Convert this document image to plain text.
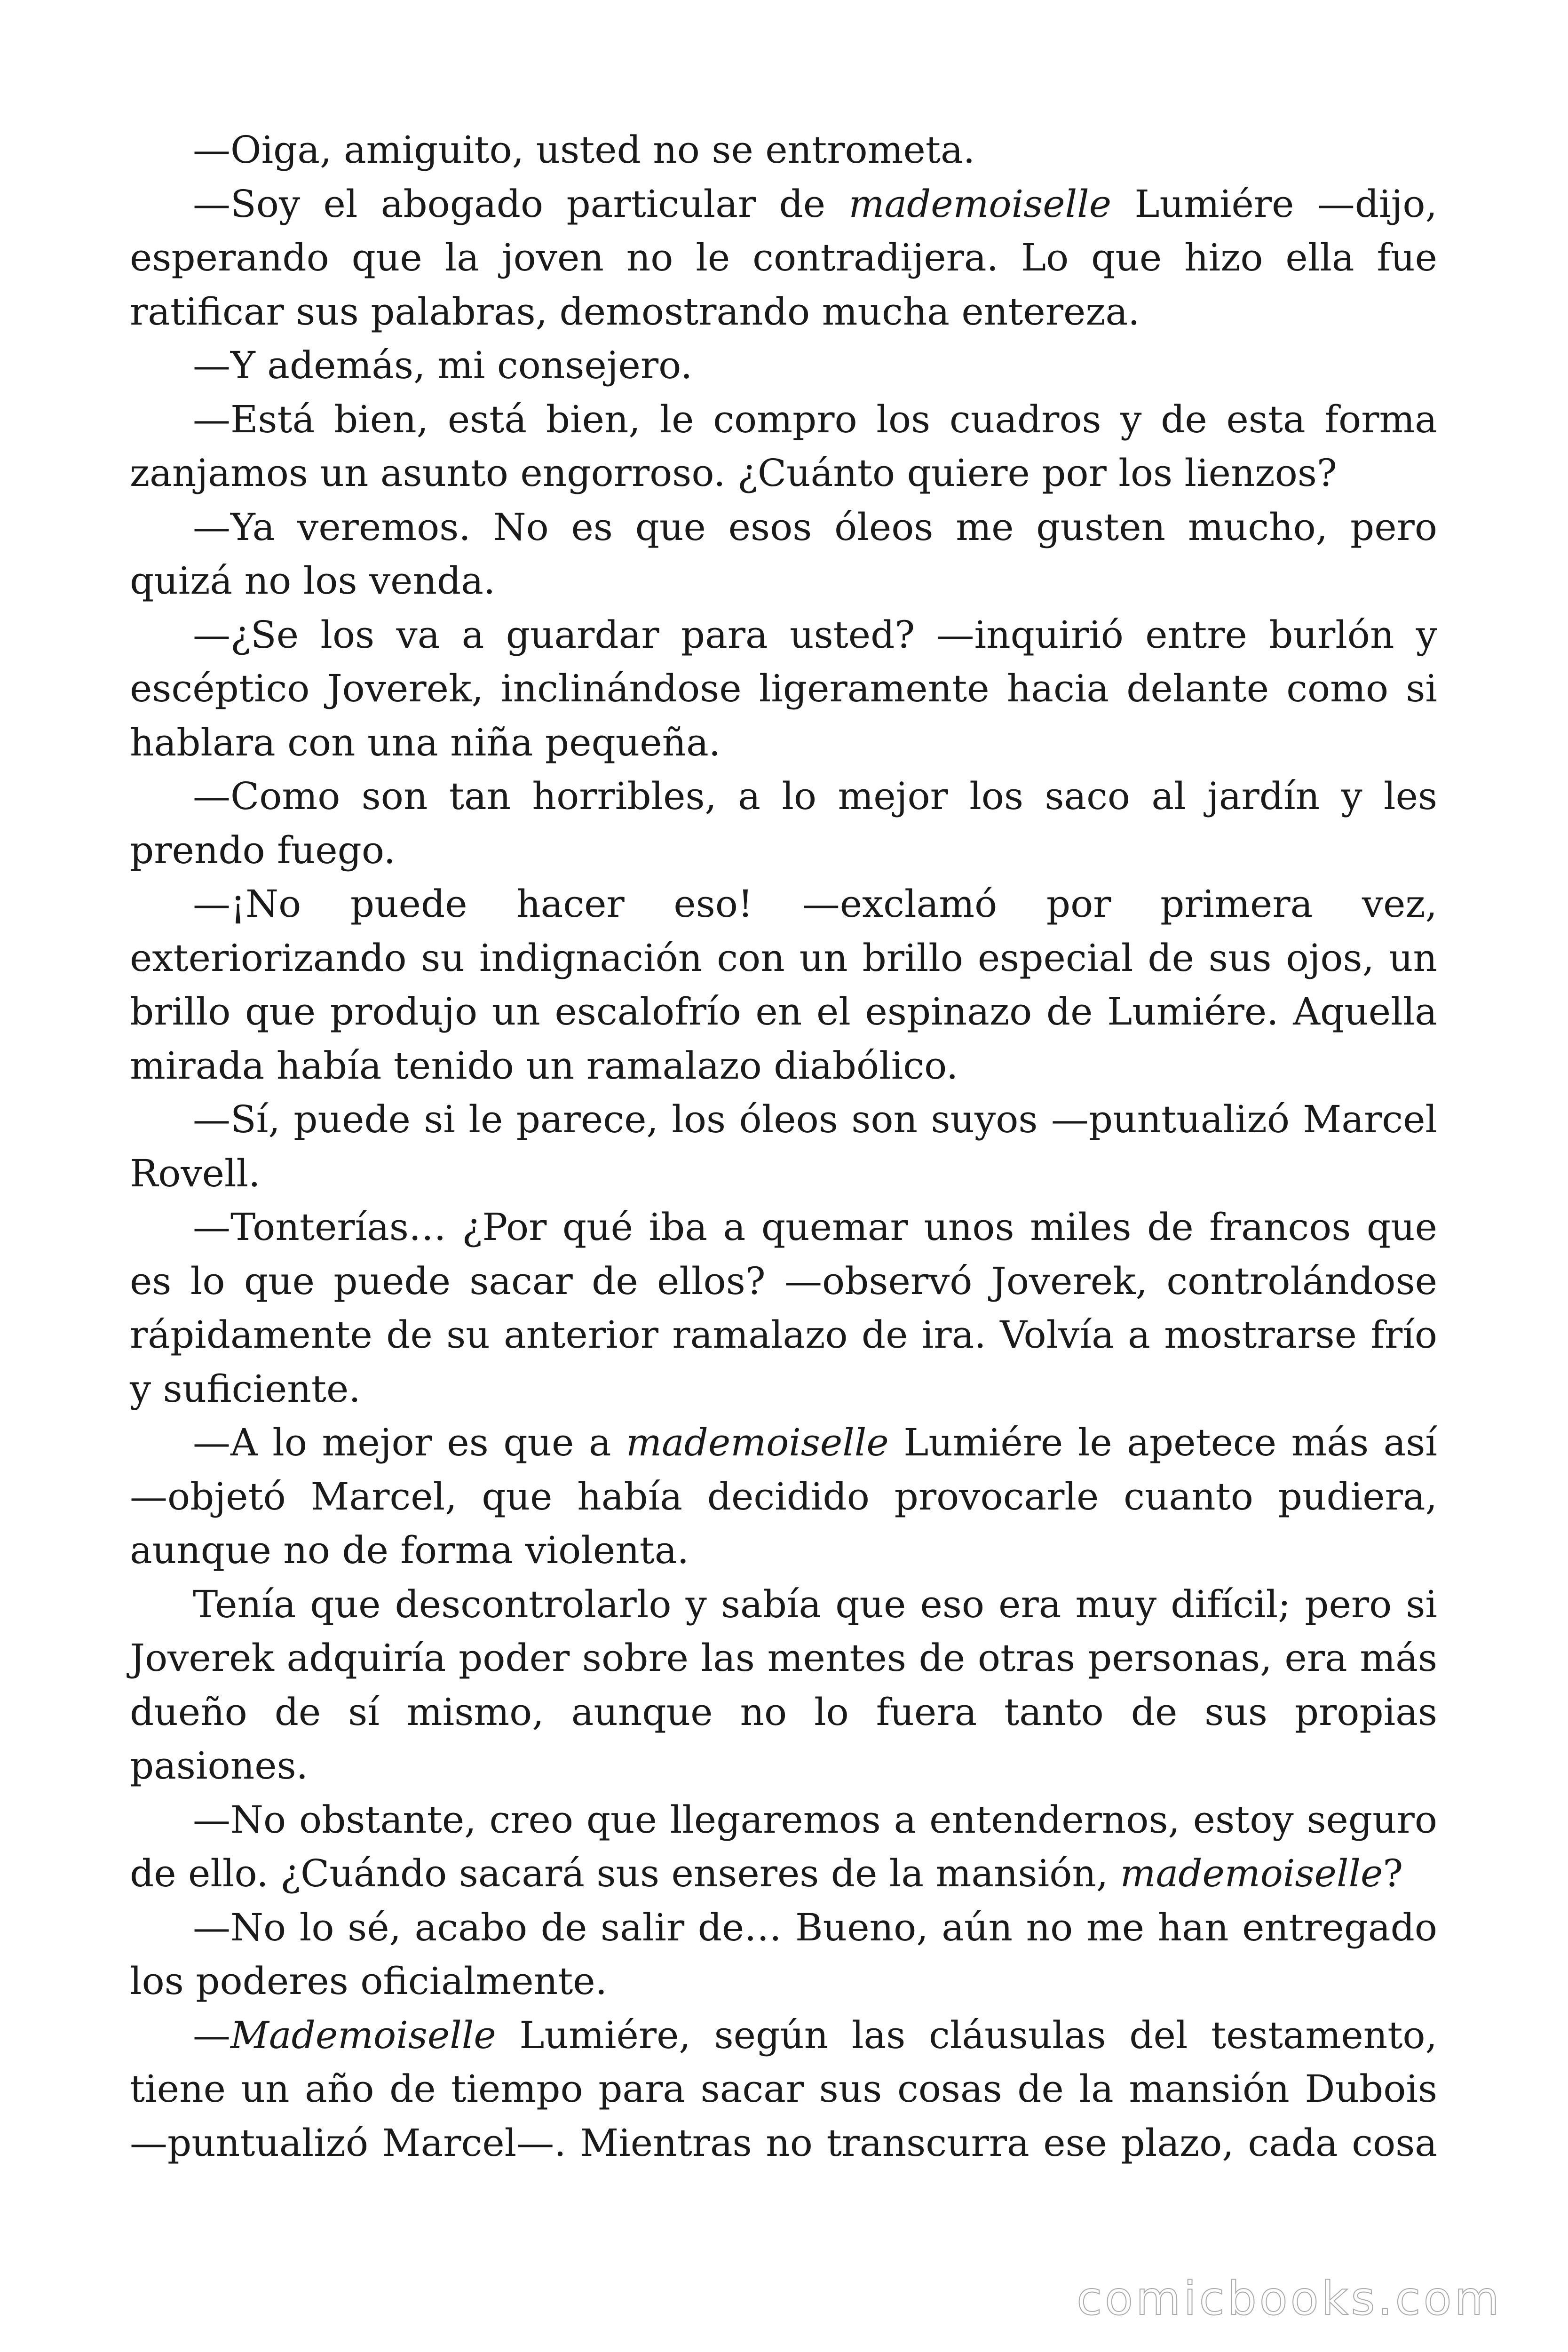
—Oiga, amiguito, usted no se entrometa.

—Soy el abogado particular de mademoiselle Lumiére —dijo, esperando que la joven no le contradijera. Lo que hizo ella fue ratificar sus palabras, demostrando mucha entereza.

—Y además, mi consejero.

—Está bien, está bien, le compro los cuadros y de esta forma zanjamos un asunto engorroso. ¿Cuánto quiere por los lienzos?

—Ya veremos. No es que esos óleos me gusten mucho, pero quizá no los venda.

—¿Se los va a guardar para usted? —inquirió entre burlón y escéptico Joverek, inclinándose ligeramente hacia delante como si hablara con una niña pequeña.

—Como son tan horribles, a lo mejor los saco al jardín y les prendo fuego.

—¡No puede hacer eso! —exclamó por primera vez, exteriorizando su indignación con un brillo especial de sus ojos, un brillo que produjo un escalofrío en el espinazo de Lumiére. Aquella mirada había tenido un ramalazo diabólico.

—Sí, puede si le parece, los óleos son suyos —puntualizó Marcel Rovell.

—Tonterías… ¿Por qué iba a quemar unos miles de francos que es lo que puede sacar de ellos? —observó Joverek, controlándose rápidamente de su anterior ramalazo de ira. Volvía a mostrarse frío y suficiente.

—A lo mejor es que a mademoiselle Lumiére le apetece más así —objetó Marcel, que había decidido provocarle cuanto pudiera, aunque no de forma violenta.

Tenía que descontrolarlo y sabía que eso era muy difícil; pero si Joverek adquiría poder sobre las mentes de otras personas, era más dueño de sí mismo, aunque no lo fuera tanto de sus propias pasiones.

—No obstante, creo que llegaremos a entendernos, estoy seguro de ello. ¿Cuándo sacará sus enseres de la mansión, mademoiselle?

—No lo sé, acabo de salir de… Bueno, aún no me han entregado los poderes oficialmente.

—Mademoiselle Lumiére, según las cláusulas del testamento, tiene un año de tiempo para sacar sus cosas de la mansión Dubois —puntualizó Marcel—. Mientras no transcurra ese plazo, cada cosa

comicbooks.com
